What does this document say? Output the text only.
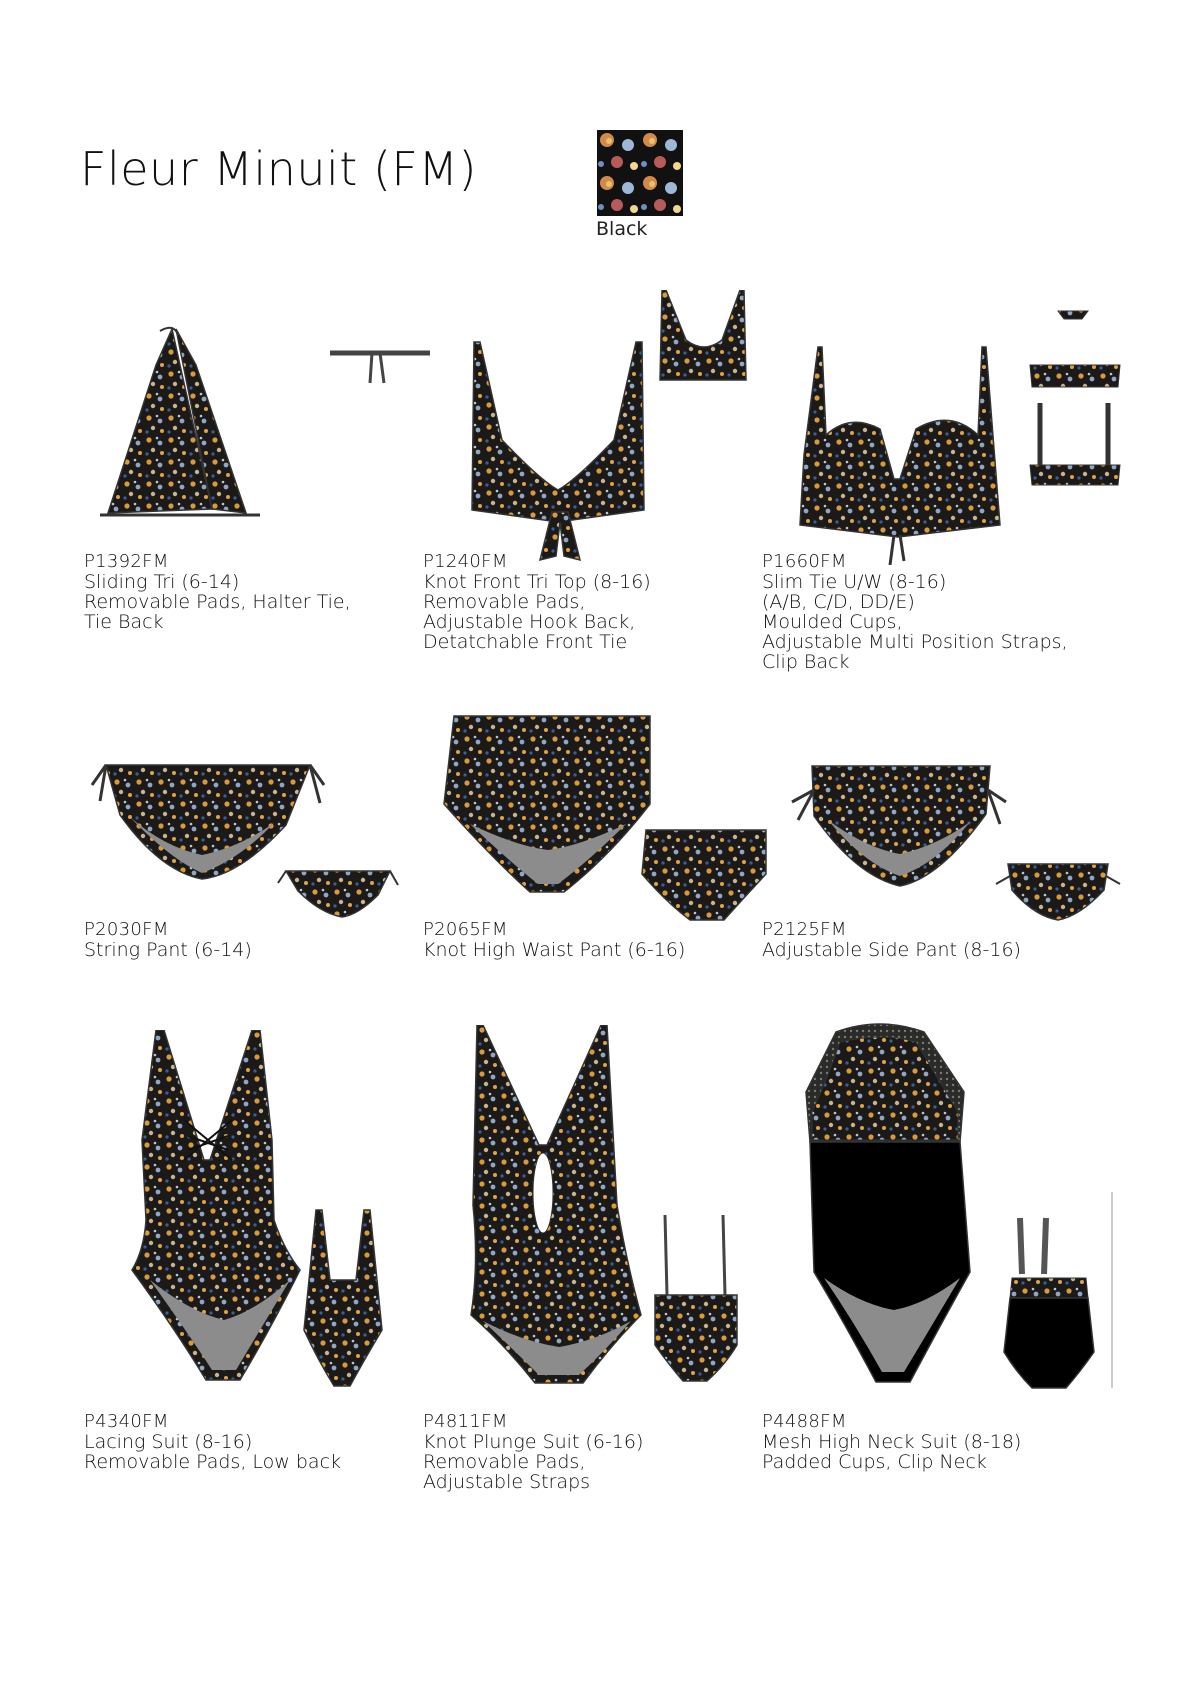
Fleur Minuit (FM)
Black
P1392FM
Sliding Tri (6-14)
Removable Pads, Halter Tie,
Tie Back
P1240FM
Knot Front Tri Top (8-16)
Removable Pads,
Adjustable Hook Back,
Detatchable Front Tie
P1660FM
Slim Tie U/W (8-16)
(A/B, C/D, DD/E)
Moulded Cups,
Adjustable Multi Position Straps,
Clip Back
P2030FM
String Pant (6-14)
P2065FM
Knot High Waist Pant (6-16)
P2125FM
Adjustable Side Pant (8-16)
P4340FM
Lacing Suit (8-16)
Removable Pads, Low back
P4811FM
Knot Plunge Suit (6-16)
Removable Pads,
Adjustable Straps
P4488FM
Mesh High Neck Suit (8-18)
Padded Cups, Clip Neck
